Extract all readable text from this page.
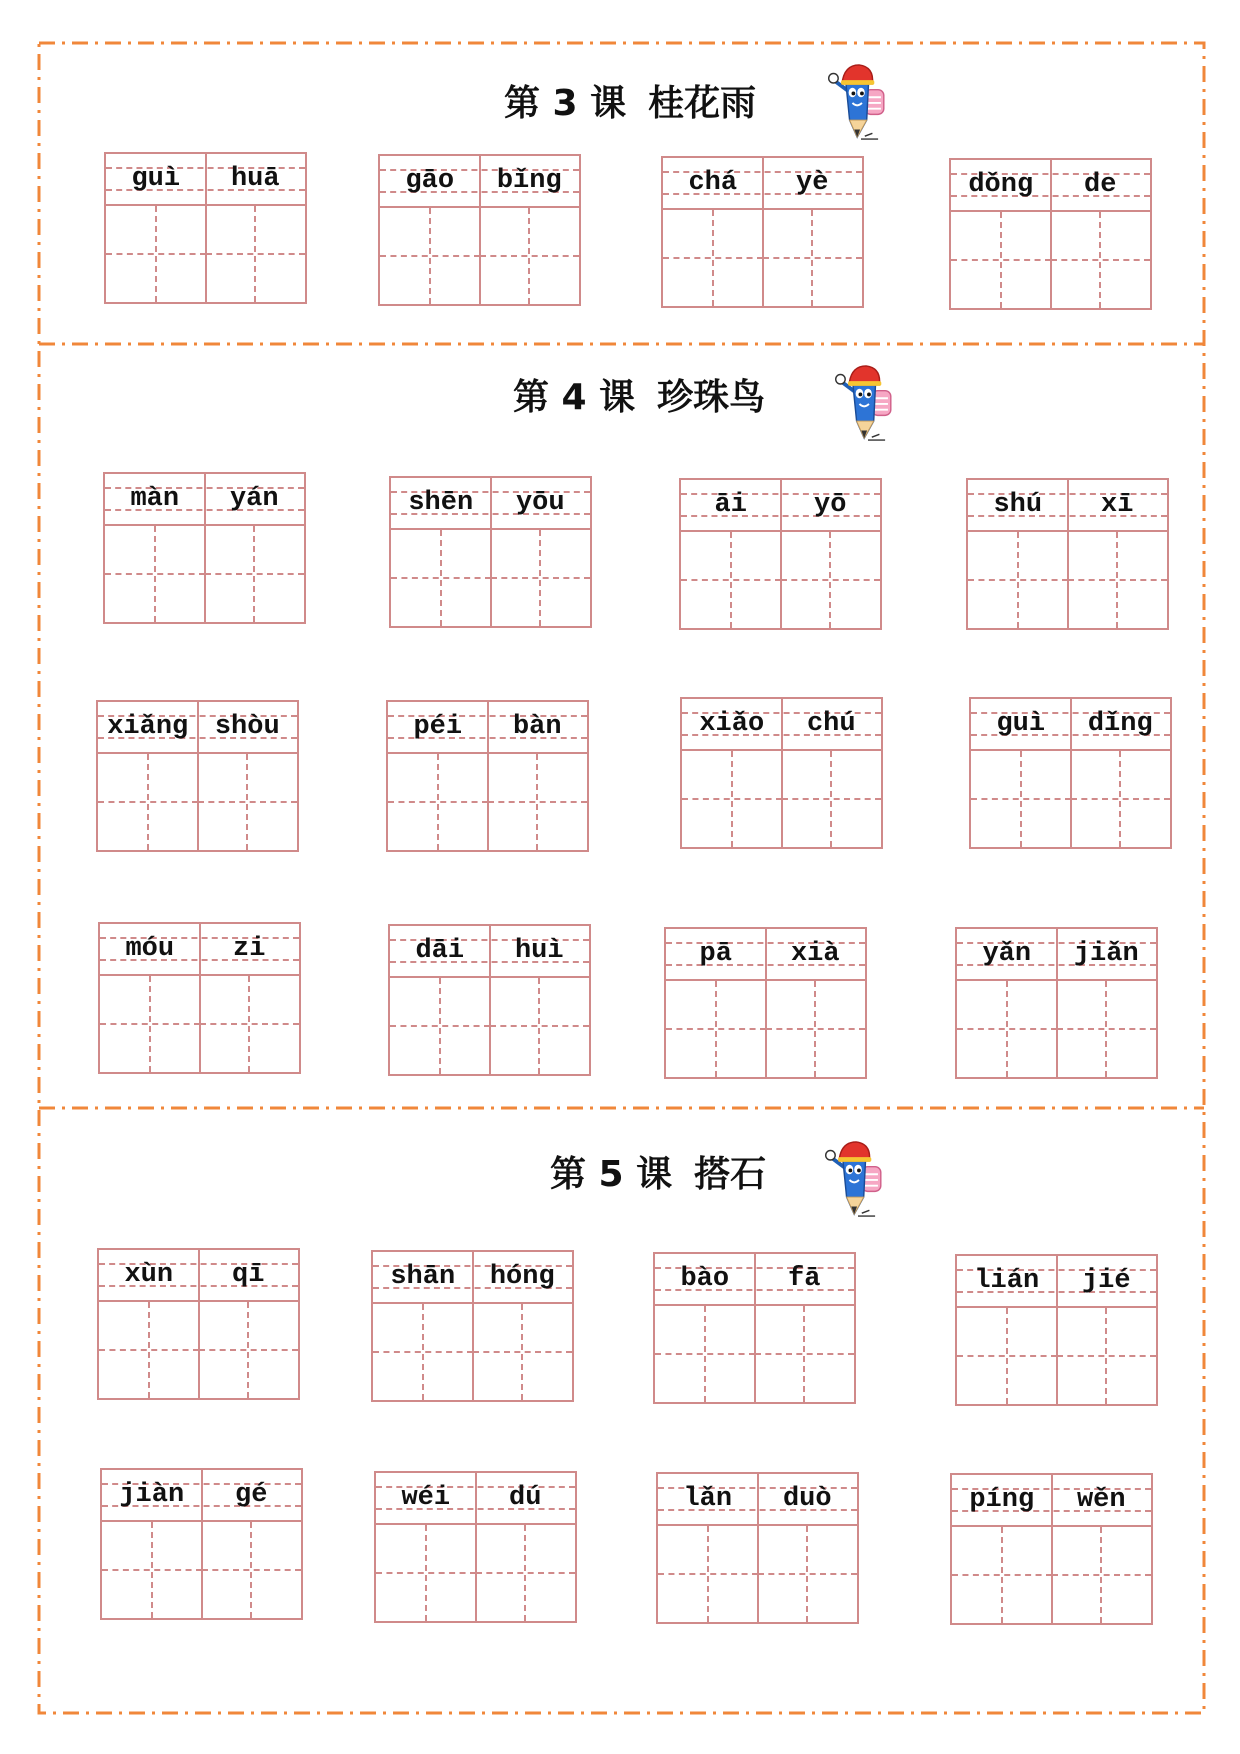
第 3 课 桂花雨
guì	huā	gāo	bǐng	chá	yè	dǒng	de
第 4 课 珍珠鸟
màn	yán	shēn	yōu	āi	yō	shú	xī
xiǎng shòu	péi	bàn	xiǎo	chú	guì	dǐng
móu	zi	dāi	huì	pā	xià	yǎn	jiǎn
第 5 课 搭石
xùn	qī	shān	hóng	bào	fā	lián	jié
jiàn	gé	wéi	dú	lǎn	duò	píng	wěn
